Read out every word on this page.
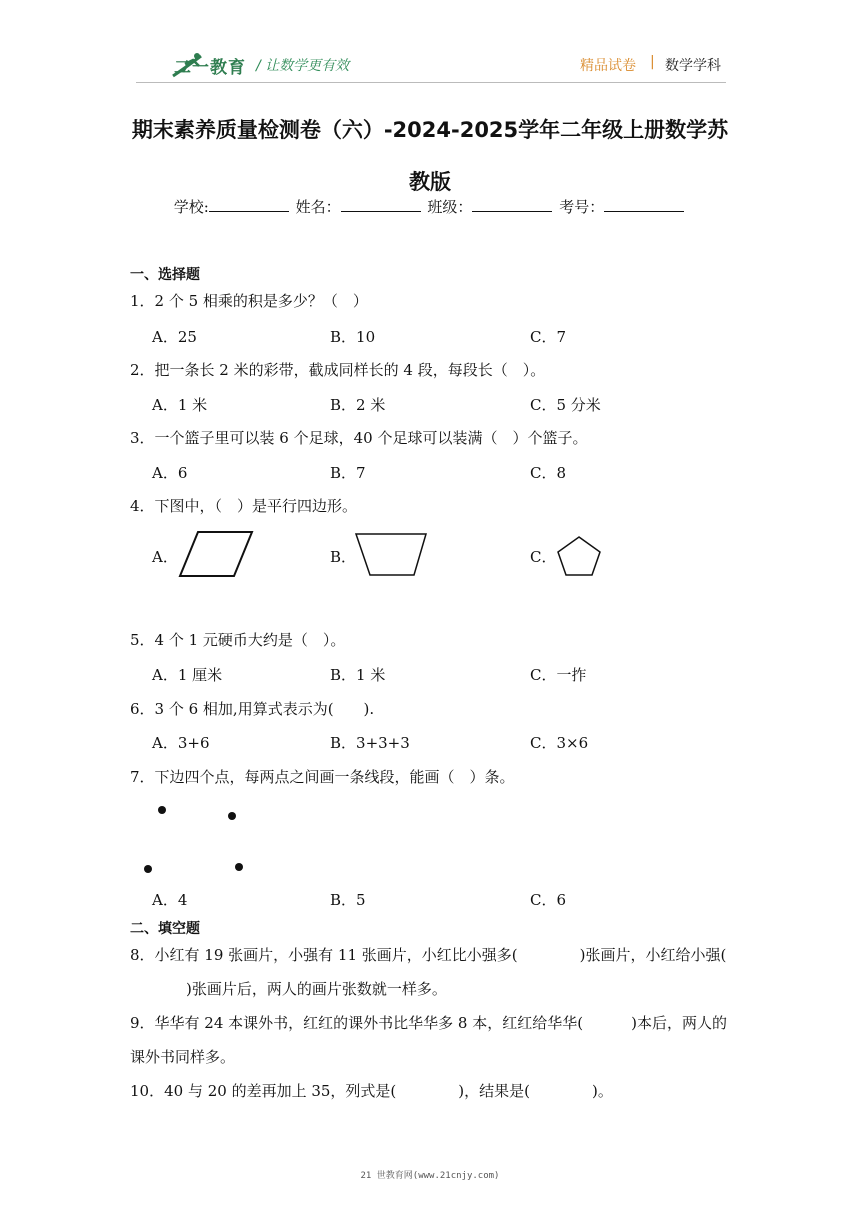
二一教育 / 让数学更有效	精品试卷 | 数学学科
期末素养质量检测卷（六）-2024-2025学年二年级上册数学苏
教版
学校:	姓名：	班级：	考号：
一、选择题
1．2 个 5 相乘的积是多少？（　）
A．25	B．10	C．7
2．把一条长 2 米的彩带，截成同样长的 4 段，每段长（　）。
A．1 米	B．2 米	C．5 分米
3．一个篮子里可以装 6 个足球，40 个足球可以装满（　）个篮子。
A．6	B．7	C．8
4．下图中，（　）是平行四边形。
A．	B．	C．
5．4 个 1 元硬币大约是（　）。
A．1 厘米	B．1 米	C．一拃
6．3 个 6 相加,用算式表示为(　　).
A．3+6	B．3+3+3	C．3×6
7．下边四个点，每两点之间画一条线段，能画（　）条。
A．4	B．5	C．6
二、填空题
8．小红有 19 张画片，小强有 11 张画片，小红比小强多(	)张画片，小红给小强()张画片后，两人的画片张数就一样多。
9．华华有 24 本课外书，红红的课外书比华华多 8 本，红红给华华(	)本后，两人的课外书同样多。
10．40 与 20 的差再加上 35，列式是(	)，结果是(	)。
21 世教育网(www.21cnjy.com)
